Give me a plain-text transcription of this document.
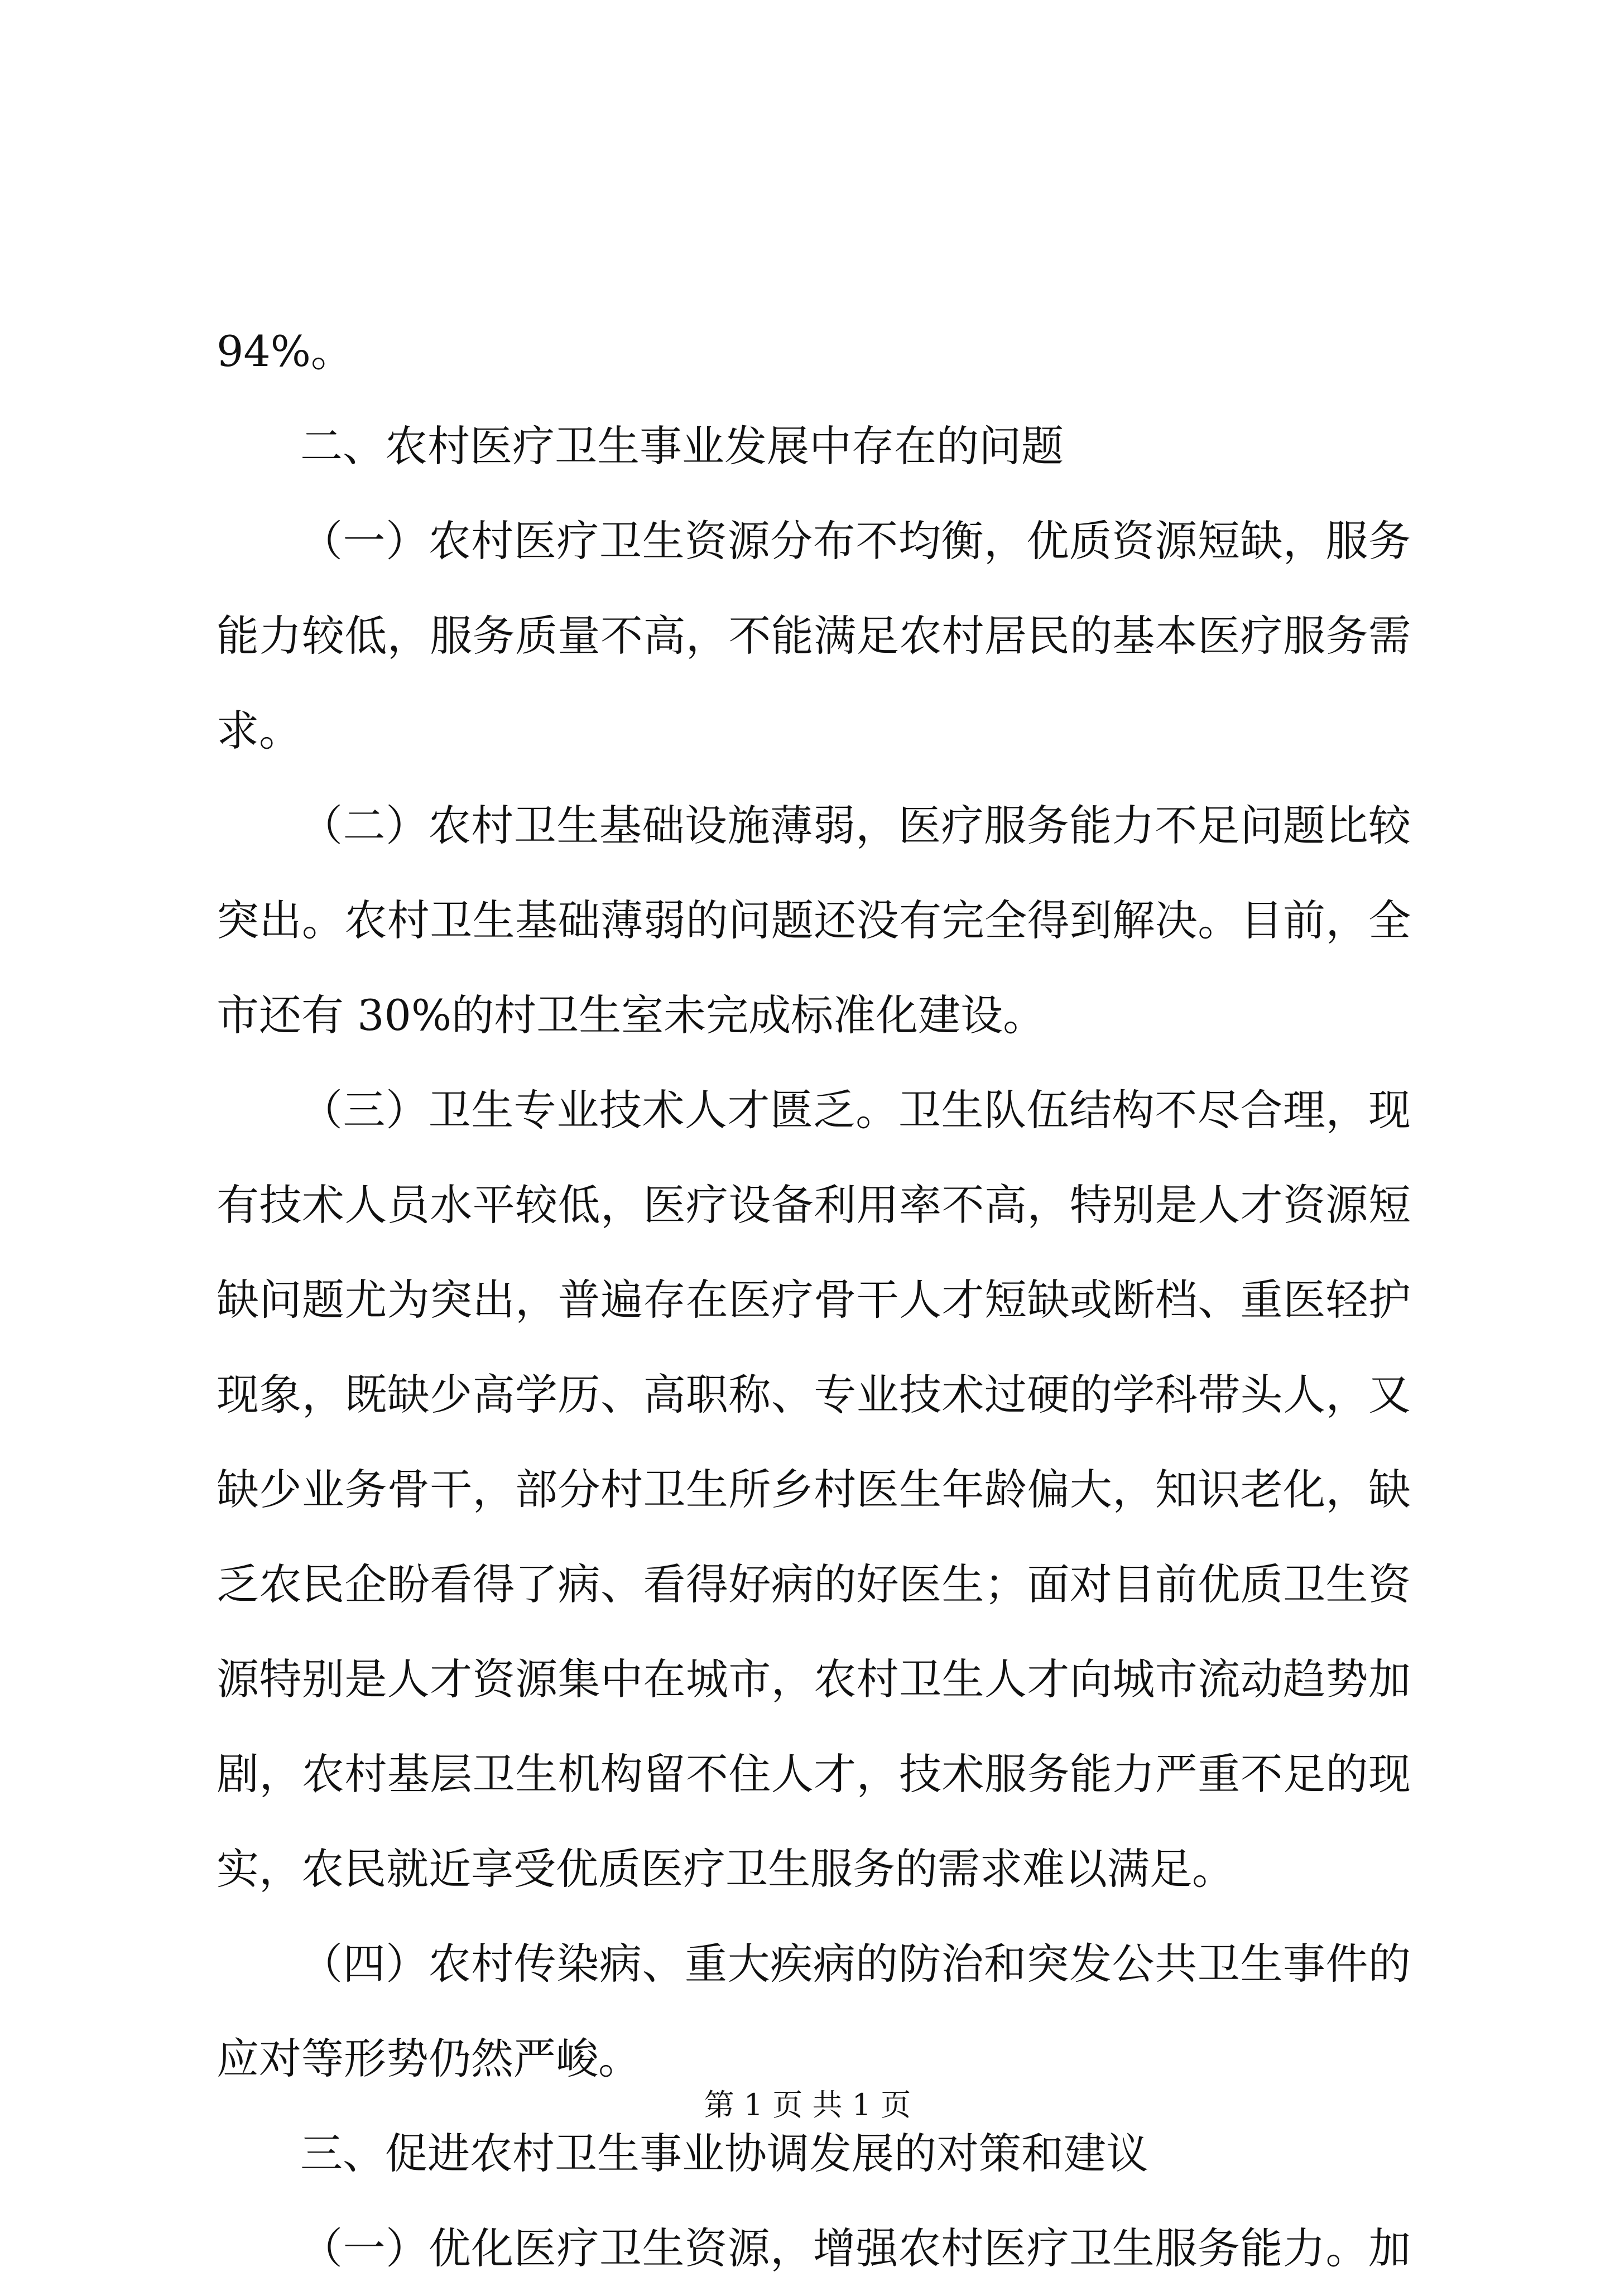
94%。
二、农村医疗卫生事业发展中存在的问题
（一）农村医疗卫生资源分布不均衡，优质资源短缺，服务
能力较低，服务质量不高，不能满足农村居民的基本医疗服务需
求。
（二）农村卫生基础设施薄弱，医疗服务能力不足问题比较
突出。农村卫生基础薄弱的问题还没有完全得到解决。目前，全
市还有 30%的村卫生室未完成标准化建设。
（三）卫生专业技术人才匮乏。卫生队伍结构不尽合理，现
有技术人员水平较低，医疗设备利用率不高，特别是人才资源短
缺问题尤为突出，普遍存在医疗骨干人才短缺或断档、重医轻护
现象，既缺少高学历、高职称、专业技术过硬的学科带头人，又
缺少业务骨干，部分村卫生所乡村医生年龄偏大，知识老化，缺
乏农民企盼看得了病、看得好病的好医生；面对目前优质卫生资
源特别是人才资源集中在城市，农村卫生人才向城市流动趋势加
剧，农村基层卫生机构留不住人才，技术服务能力严重不足的现
实，农民就近享受优质医疗卫生服务的需求难以满足。
（四）农村传染病、重大疾病的防治和突发公共卫生事件的
应对等形势仍然严峻。
三、促进农村卫生事业协调发展的对策和建议
（一）优化医疗卫生资源，增强农村医疗卫生服务能力。加
第 1 页 共 1 页
